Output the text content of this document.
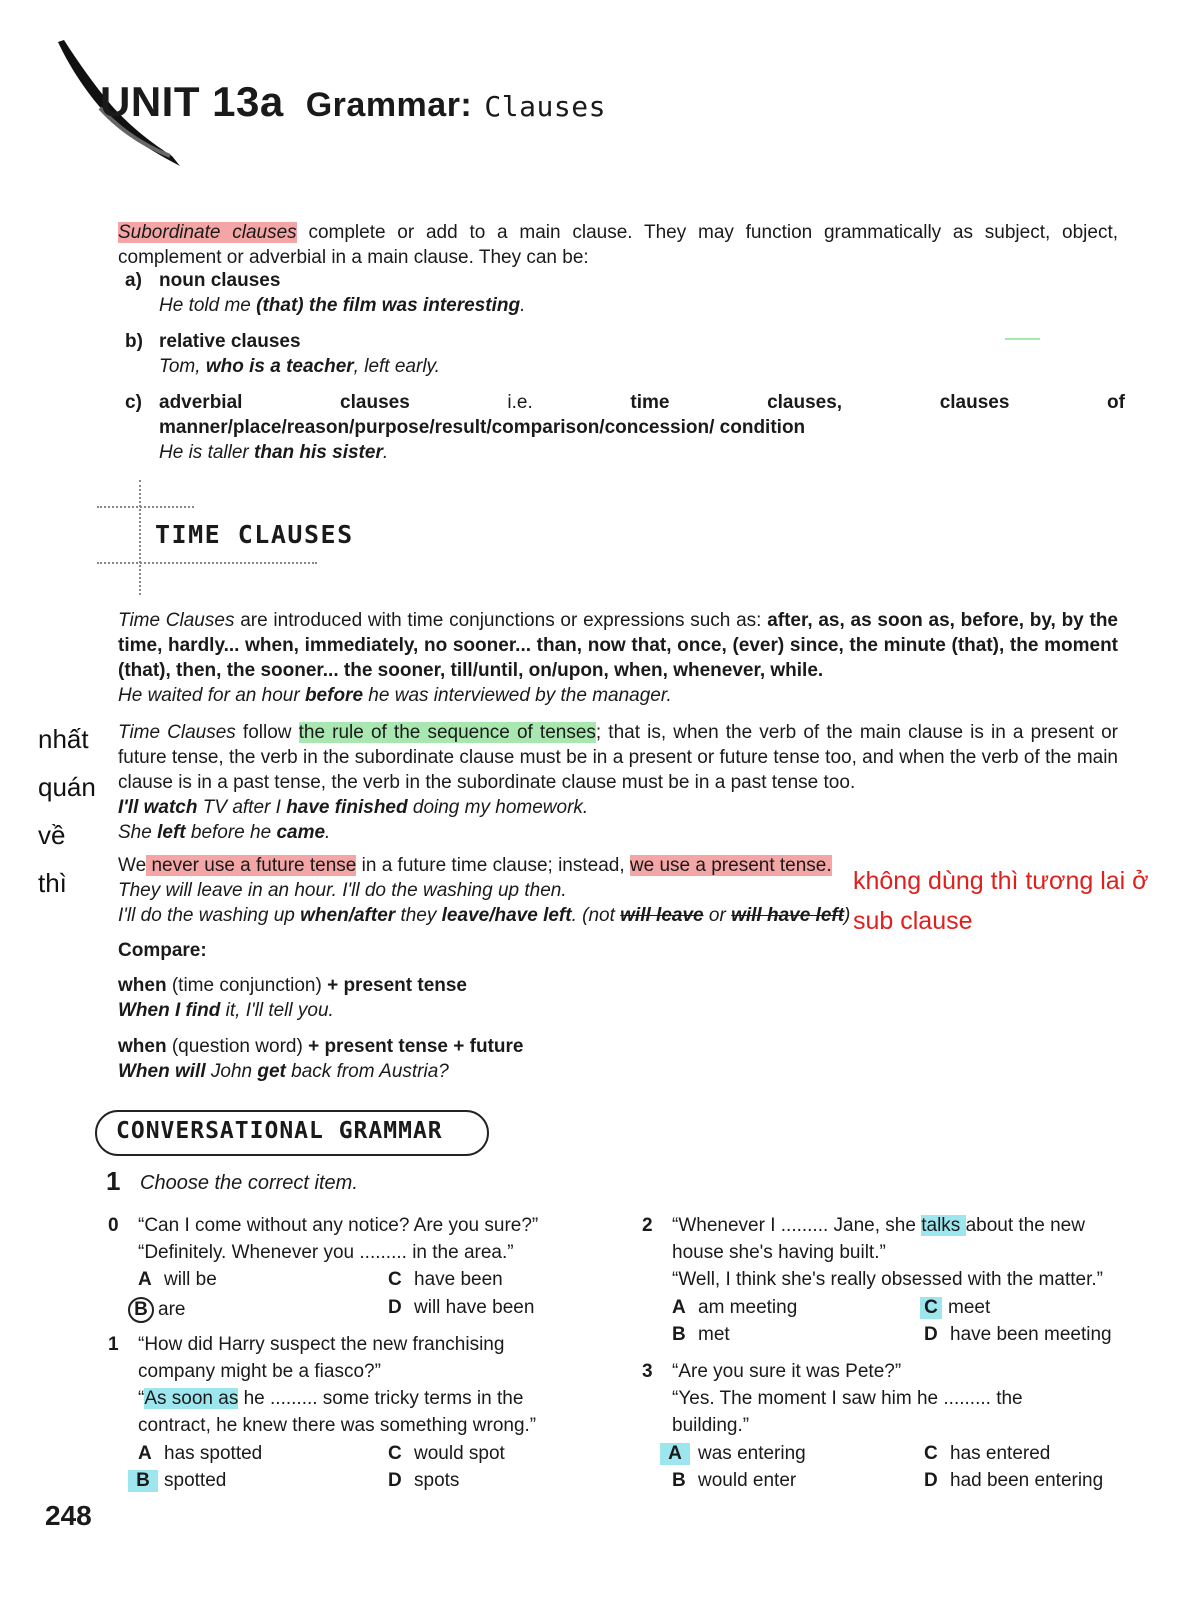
UNIT 13a Grammar: Clauses
Subordinate clauses complete or add to a main clause. They may function grammatically as subject, object, complement or adverbial in a main clause. They can be:
a) noun clauses
He told me (that) the film was interesting.
b) relative clauses
Tom, who is a teacher, left early.
c) adverbial clauses i.e. time clauses, clauses of manner/place/reason/purpose/result/comparison/concession/ condition
He is taller than his sister.
TIME CLAUSES
Time Clauses are introduced with time conjunctions or expressions such as: after, as, as soon as, before, by, by the time, hardly... when, immediately, no sooner... than, now that, once, (ever) since, the minute (that), the moment (that), then, the sooner... the sooner, till/until, on/upon, when, whenever, while.
He waited for an hour before he was interviewed by the manager.
Time Clauses follow the rule of the sequence of tenses; that is, when the verb of the main clause is in a present or future tense, the verb in the subordinate clause must be in a present or future tense too, and when the verb of the main clause is in a past tense, the verb in the subordinate clause must be in a past tense too.
I'll watch TV after I have finished doing my homework.
She left before he came.
We never use a future tense in a future time clause; instead, we use a present tense.
They will leave in an hour. I'll do the washing up then.
I'll do the washing up when/after they leave/have left. (not will leave or will have left)
nhất
quán
về
thì	không dùng thì tương lai ở
sub clause
Compare:
when (time conjunction) + present tense
When I find it, I'll tell you.
when (question word) + present tense + future
When will John get back from Austria?
CONVERSATIONAL GRAMMAR
1 Choose the correct item.
0 “Can I come without any notice? Are you sure?”
“Definitely. Whenever you ......... in the area.”
A will be
B are
C have been
D will have been
1 “How did Harry suspect the new franchising
company might be a fiasco?”
“As soon as he ......... some tricky terms in the
contract, he knew there was something wrong.”
A has spotted
B spotted
C would spot
D spots
2 “Whenever I ......... Jane, she talks about the new
house she's having built.”
“Well, I think she's really obsessed with the matter.”
A am meeting
B met
C meet
D have been meeting
3 “Are you sure it was Pete?”
“Yes. The moment I saw him he ......... the
building.”
A was entering
B would enter
C has entered
D had been entering
248
